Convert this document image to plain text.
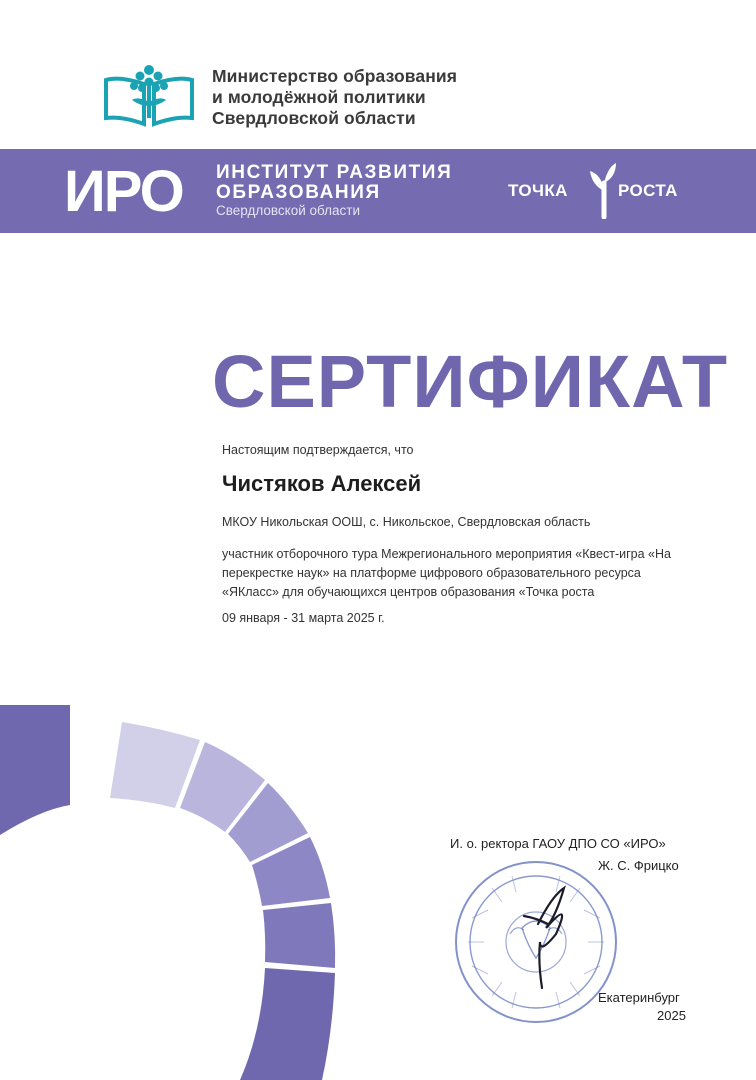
Министерство образования
и молодёжной политики
Свердловской области
ИРО ИНСТИТУТ РАЗВИТИЯ
ОБРАЗОВАНИЯ
Свердловской области
ТОЧКА	РОСТА
СЕРТИФИКАТ
Настоящим подтверждается, что
Чистяков Алексей
МКОУ Никольская ООШ, с. Никольское, Свердловская область
участник отборочного тура Межрегионального мероприятия «Квест-игра «На
перекрестке наук» на платформе цифрового образовательного ресурса
«ЯКласс» для обучающихся центров образования «Точка роста
09 января - 31 марта 2025 г.
И. о. ректора ГАОУ ДПО СО «ИРО»
Ж. С. Фрицко
Екатеринбург
2025
